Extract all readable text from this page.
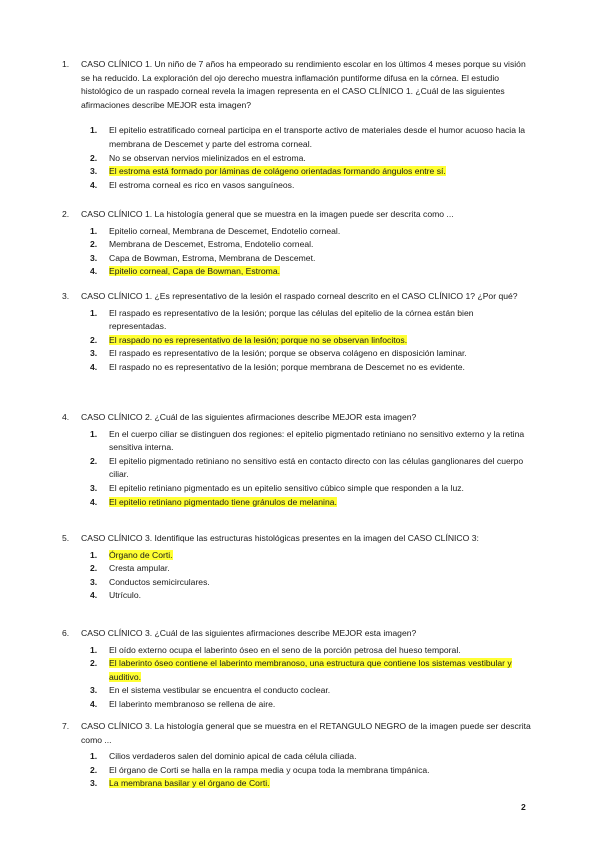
1.	CASO CLÍNICO 1. Un niño de 7 años ha empeorado su rendimiento escolar en los últimos 4 meses porque su visión se ha reducido. La exploración del ojo derecho muestra inflamación puntiforme difusa en la córnea. El estudio histológico de un raspado corneal revela la imagen representa en el CASO CLÍNICO 1. ¿Cuál de las siguientes afirmaciones describe MEJOR esta imagen?
1. El epitelio estratificado corneal participa en el transporte activo de materiales desde el humor acuoso hacia la membrana de Descemet y parte del estroma corneal.
2. No se observan nervios mielinizados en el estroma.
3. El estroma está formado por láminas de colágeno orientadas formando ángulos entre sí.
4. El estroma corneal es rico en vasos sanguíneos.
2.	CASO CLÍNICO 1. La histología general que se muestra en la imagen puede ser descrita como ...
1. Epitelio corneal, Membrana de Descemet, Endotelio corneal.
2. Membrana de Descemet, Estroma, Endotelio corneal.
3. Capa de Bowman, Estroma, Membrana de Descemet.
4. Epitelio corneal, Capa de Bowman, Estroma.
3.	CASO CLÍNICO 1. ¿Es representativo de la lesión el raspado corneal descrito en el CASO CLÍNICO 1? ¿Por qué?
1. El raspado es representativo de la lesión; porque las células del epitelio de la córnea están bien representadas.
2. El raspado no es representativo de la lesión; porque no se observan linfocitos.
3. El raspado es representativo de la lesión; porque se observa colágeno en disposición laminar.
4. El raspado no es representativo de la lesión; porque membrana de Descemet no es evidente.
4.	CASO CLÍNICO 2. ¿Cuál de las siguientes afirmaciones describe MEJOR esta imagen?
1. En el cuerpo ciliar se distinguen dos regiones: el epitelio pigmentado retiniano no sensitivo externo y la retina sensitiva interna.
2. El epitelio pigmentado retiniano no sensitivo está en contacto directo con las células ganglionares del cuerpo ciliar.
3. El epitelio retiniano pigmentado es un epitelio sensitivo cúbico simple que responden a la luz.
4. El epitelio retiniano pigmentado tiene gránulos de melanina.
5.	CASO CLÍNICO 3. Identifique las estructuras histológicas presentes en la imagen del CASO CLÍNICO 3:
1. Órgano de Corti.
2. Cresta ampular.
3. Conductos semicirculares.
4. Utrículo.
6.	CASO CLÍNICO 3. ¿Cuál de las siguientes afirmaciones describe MEJOR esta imagen?
1. El oído externo ocupa el laberinto óseo en el seno de la porción petrosa del hueso temporal.
2. El laberinto óseo contiene el laberinto membranoso, una estructura que contiene los sistemas vestibular y auditivo.
3. En el sistema vestibular se encuentra el conducto coclear.
4. El laberinto membranoso se rellena de aire.
7.	CASO CLÍNICO 3. La histología general que se muestra en el RETANGULO NEGRO de la imagen puede ser descrita como ...
1. Cilios verdaderos salen del dominio apical de cada célula ciliada.
2. El órgano de Corti se halla en la rampa media y ocupa toda la membrana timpánica.
3. La membrana basilar y el órgano de Corti.
2
